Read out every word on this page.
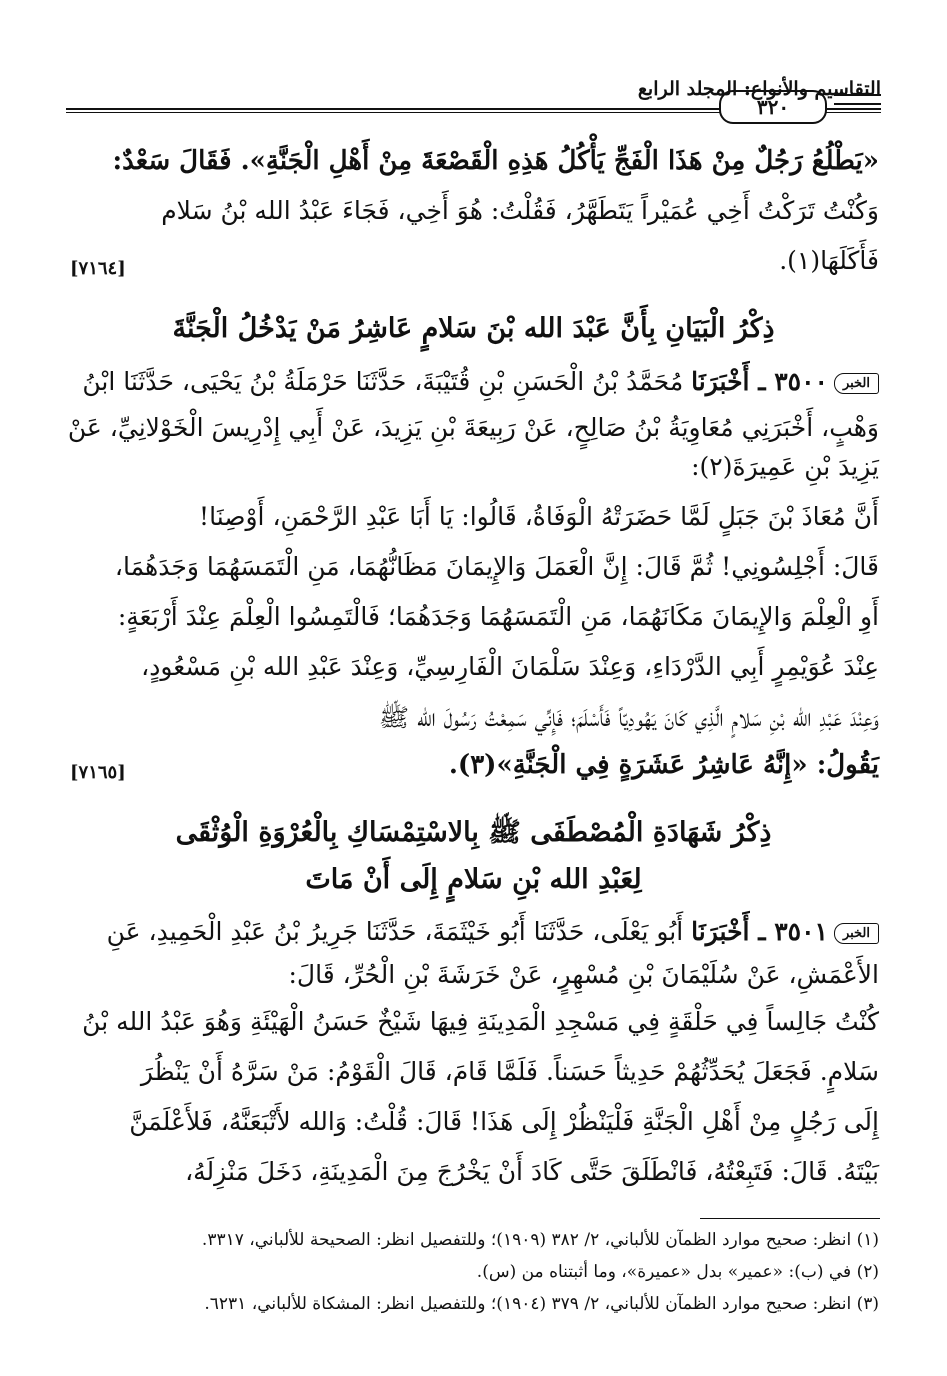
٣٢٠
التقاسيم والأنواع: المجلد الرابع
«يَطْلُعُ رَجُلٌ مِنْ هَذَا الْفَجِّ يَأْكُلُ هَذِهِ الْقَصْعَةَ مِنْ أَهْلِ الْجَنَّةِ». فَقَالَ سَعْدٌ:
وَكُنْتُ تَرَكْتُ أَخِي عُمَيْراً يَتَطَهَّرُ، فَقُلْتُ: هُوَ أَخِي، فَجَاءَ عَبْدُ الله بْنُ سَلام
فَأَكَلَهَا(١).
[٧١٦٤]
ذِكْرُ الْبَيَانِ بِأَنَّ عَبْدَ الله بْنَ سَلامٍ عَاشِرُ مَنْ يَدْخُلُ الْجَنَّةَ
الخبر٣٥٠٠ ـ أَخْبَرَنَا مُحَمَّدُ بْنُ الْحَسَنِ بْنِ قُتَيْبَةَ، حَدَّثَنَا حَرْمَلَةُ بْنُ يَحْيَى، حَدَّثَنَا ابْنُ
وَهْبٍ، أَخْبَرَنِي مُعَاوِيَةُ بْنُ صَالِحٍ، عَنْ رَبِيعَةَ بْنِ يَزِيدَ، عَنْ أَبِي إِدْرِيسَ الْخَوْلانِيِّ، عَنْ
يَزِيدَ بْنِ عَمِيرَةَ(٢):
أَنَّ مُعَاذَ بْنَ جَبَلٍ لَمَّا حَضَرَتْهُ الْوَفَاةُ، قَالُوا: يَا أَبَا عَبْدِ الرَّحْمَنِ، أَوْصِنَا!
قَالَ: أَجْلِسُونِي! ثُمَّ قَالَ: إِنَّ الْعَمَلَ وَالإِيمَانَ مَظَانُّهُمَا، مَنِ الْتَمَسَهُمَا وَجَدَهُمَا،
أَوِ الْعِلْمَ وَالإِيمَانَ مَكَانَهُمَا، مَنِ الْتَمَسَهُمَا وَجَدَهُمَا؛ فَالْتَمِسُوا الْعِلْمَ عِنْدَ أَرْبَعَةٍ:
عِنْدَ عُوَيْمِرٍ أَبِي الدَّرْدَاءِ، وَعِنْدَ سَلْمَانَ الْفَارِسِيِّ، وَعِنْدَ عَبْدِ الله بْنِ مَسْعُودٍ،
وَعِنْدَ عَبْدِ الله بْنِ سَلامٍ الَّذِي كَانَ يَهُودِيّاً فَأَسْلَمَ؛ فَإِنِّي سَمِعْتُ رَسُولَ الله ﷺ
يَقُولُ: «إِنَّهُ عَاشِرُ عَشَرَةٍ فِي الْجَنَّةِ»(٣).
[٧١٦٥]
ذِكْرُ شَهَادَةِ الْمُصْطَفَى ﷺ بِالاسْتِمْسَاكِ بِالْعُرْوَةِ الْوُثْقَى
لِعَبْدِ الله بْنِ سَلامٍ إِلَى أَنْ مَاتَ
الخبر٣٥٠١ ـ أَخْبَرَنَا أَبُو يَعْلَى، حَدَّثَنَا أَبُو خَيْثَمَةَ، حَدَّثَنَا جَرِيرُ بْنُ عَبْدِ الْحَمِيدِ، عَنِ
الأَعْمَشِ، عَنْ سُلَيْمَانَ بْنِ مُسْهِرٍ، عَنْ خَرَشَةَ بْنِ الْحُرِّ، قَالَ:
كُنْتُ جَالِساً فِي حَلْقَةٍ فِي مَسْجِدِ الْمَدِينَةِ فِيهَا شَيْخٌ حَسَنُ الْهَيْئَةِ وَهُوَ عَبْدُ الله بْنُ
سَلامٍ. فَجَعَلَ يُحَدِّثُهُمْ حَدِيثاً حَسَناً. فَلَمَّا قَامَ، قَالَ الْقَوْمُ: مَنْ سَرَّهُ أَنْ يَنْظُرَ
إِلَى رَجُلٍ مِنْ أَهْلِ الْجَنَّةِ فَلْيَنْظُرْ إِلَى هَذَا! قَالَ: قُلْتُ: وَالله لأَتْبَعَنَّهُ، فَلأَعْلَمَنَّ
بَيْتَهُ. قَالَ: فَتَبِعْتُهُ، فَانْطَلَقَ حَتَّى كَادَ أَنْ يَخْرُجَ مِنَ الْمَدِينَةِ، دَخَلَ مَنْزِلَهُ،
(١) انظر: صحيح موارد الظمآن للألباني، ٢/ ٣٨٢ (١٩٠٩)؛ وللتفصيل انظر: الصحيحة للألباني، ٣٣١٧.
(٢) في (ب): «عمير» بدل «عميرة»، وما أثبتناه من (س).
(٣) انظر: صحيح موارد الظمآن للألباني، ٢/ ٣٧٩ (١٩٠٤)؛ وللتفصيل انظر: المشكاة للألباني، ٦٢٣١.
